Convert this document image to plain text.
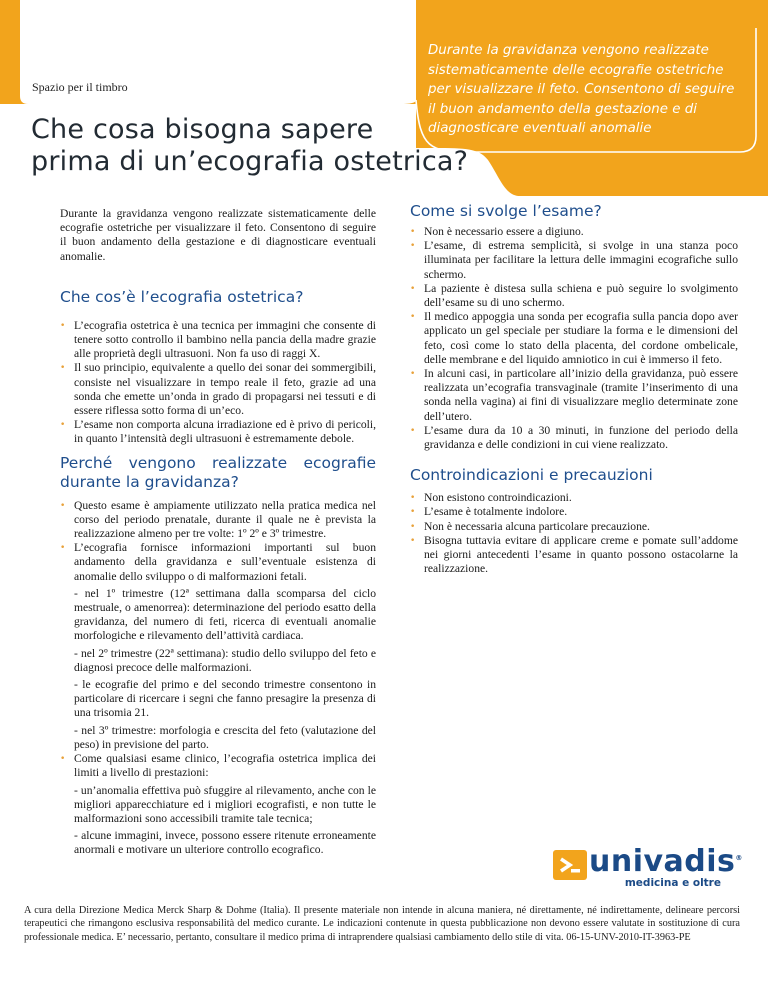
Spazio per il timbro
Durante la gravidanza vengono realizzate sistematicamente delle ecografie ostetriche per visualizzare il feto. Consentono di seguire il buon andamento della gestazione e di diagnosticare eventuali anomalie
Che cosa bisogna sapere
prima di un’ecografia ostetrica?

Durante la gravidanza vengono realizzate sistematicamente delle ecografie ostetriche per visualizzare il feto. Consentono di seguire il buon andamento della gestazione e di diagnosticare eventuali anomalie.

Che cos’è l’ecografia ostetrica?
• L’ecografia ostetrica è una tecnica per immagini che consente di tenere sotto controllo il bambino nella pancia della madre grazie alle proprietà degli ultrasuoni. Non fa uso di raggi X.
• Il suo principio, equivalente a quello dei sonar dei sommergibili, consiste nel visualizzare in tempo reale il feto, grazie ad una sonda che emette un’onda in grado di propagarsi nei tessuti e di essere riflessa sotto forma di un’eco.
• L’esame non comporta alcuna irradiazione ed è privo di pericoli, in quanto l’intensità degli ultrasuoni è estremamente debole.
Perché vengono realizzate ecografie durante la gravidanza?
• Questo esame è ampiamente utilizzato nella pratica medica nel corso del periodo prenatale, durante il quale ne è prevista la realizzazione almeno per tre volte: 1º 2º e 3º trimestre.
• L’ecografia fornisce informazioni importanti sul buon andamento della gravidanza e sull’eventuale esistenza di anomalie dello sviluppo o di malformazioni fetali.
- nel 1º trimestre (12ª settimana dalla scomparsa del ciclo mestruale, o amenorrea): determinazione del periodo esatto della gravidanza, del numero di feti, ricerca di eventuali anomalie morfologiche e rilevamento dell’attività cardiaca.
- nel 2º trimestre (22ª settimana): studio dello sviluppo del feto e diagnosi precoce delle malformazioni.
- le ecografie del primo e del secondo trimestre consentono in particolare di ricercare i segni che fanno presagire la presenza di una trisomia 21.
- nel 3º trimestre: morfologia e crescita del feto (valutazione del peso) in previsione del parto.
• Come qualsiasi esame clinico, l’ecografia ostetrica implica dei limiti a livello di prestazioni:
- un’anomalia effettiva può sfuggire al rilevamento, anche con le migliori apparecchiature ed i migliori ecografisti, e non tutte le malformazioni sono accessibili tramite tale tecnica;
- alcune immagini, invece, possono essere ritenute erroneamente anormali e motivare un ulteriore controllo ecografico.
Come si svolge l’esame?
• Non è necessario essere a digiuno.
• L’esame, di estrema semplicità, si svolge in una stanza poco illuminata per facilitare la lettura delle immagini ecografiche sullo schermo.
• La paziente è distesa sulla schiena e può seguire lo svolgimento dell’esame su di uno schermo.
• Il medico appoggia una sonda per ecografia sulla pancia dopo aver applicato un gel speciale per studiare la forma e le dimensioni del feto, così come lo stato della placenta, del cordone ombelicale, delle membrane e del liquido amniotico in cui è immerso il feto.
• In alcuni casi, in particolare all’inizio della gravidanza, può essere realizzata un’ecografia transvaginale (tramite l’inserimento di una sonda nella vagina) ai fini di visualizzare meglio determinate zone dell’utero.
• L’esame dura da 10 a 30 minuti, in funzione del periodo della gravidanza e delle condizioni in cui viene realizzato.
Controindicazioni e precauzioni
• Non esistono controindicazioni.
• L’esame è totalmente indolore.
• Non è necessaria alcuna particolare precauzione.
• Bisogna tuttavia evitare di applicare creme e pomate sull’addome nei giorni antecedenti l’esame in quanto possono ostacolarne la realizzazione.
univadis®
medicina e oltre
A cura della Direzione Medica Merck Sharp & Dohme (Italia). Il presente materiale non intende in alcuna maniera, né direttamente, né indirettamente, delineare percorsi terapeutici che rimangono esclusiva responsabilità del medico curante. Le indicazioni contenute in questa pubblicazione non devono essere valutate in sostituzione di cura professionale medica. E’ necessario, pertanto, consultare il medico prima di intraprendere qualsiasi cambiamento dello stile di vita. 06-15-UNV-2010-IT-3963-PE
